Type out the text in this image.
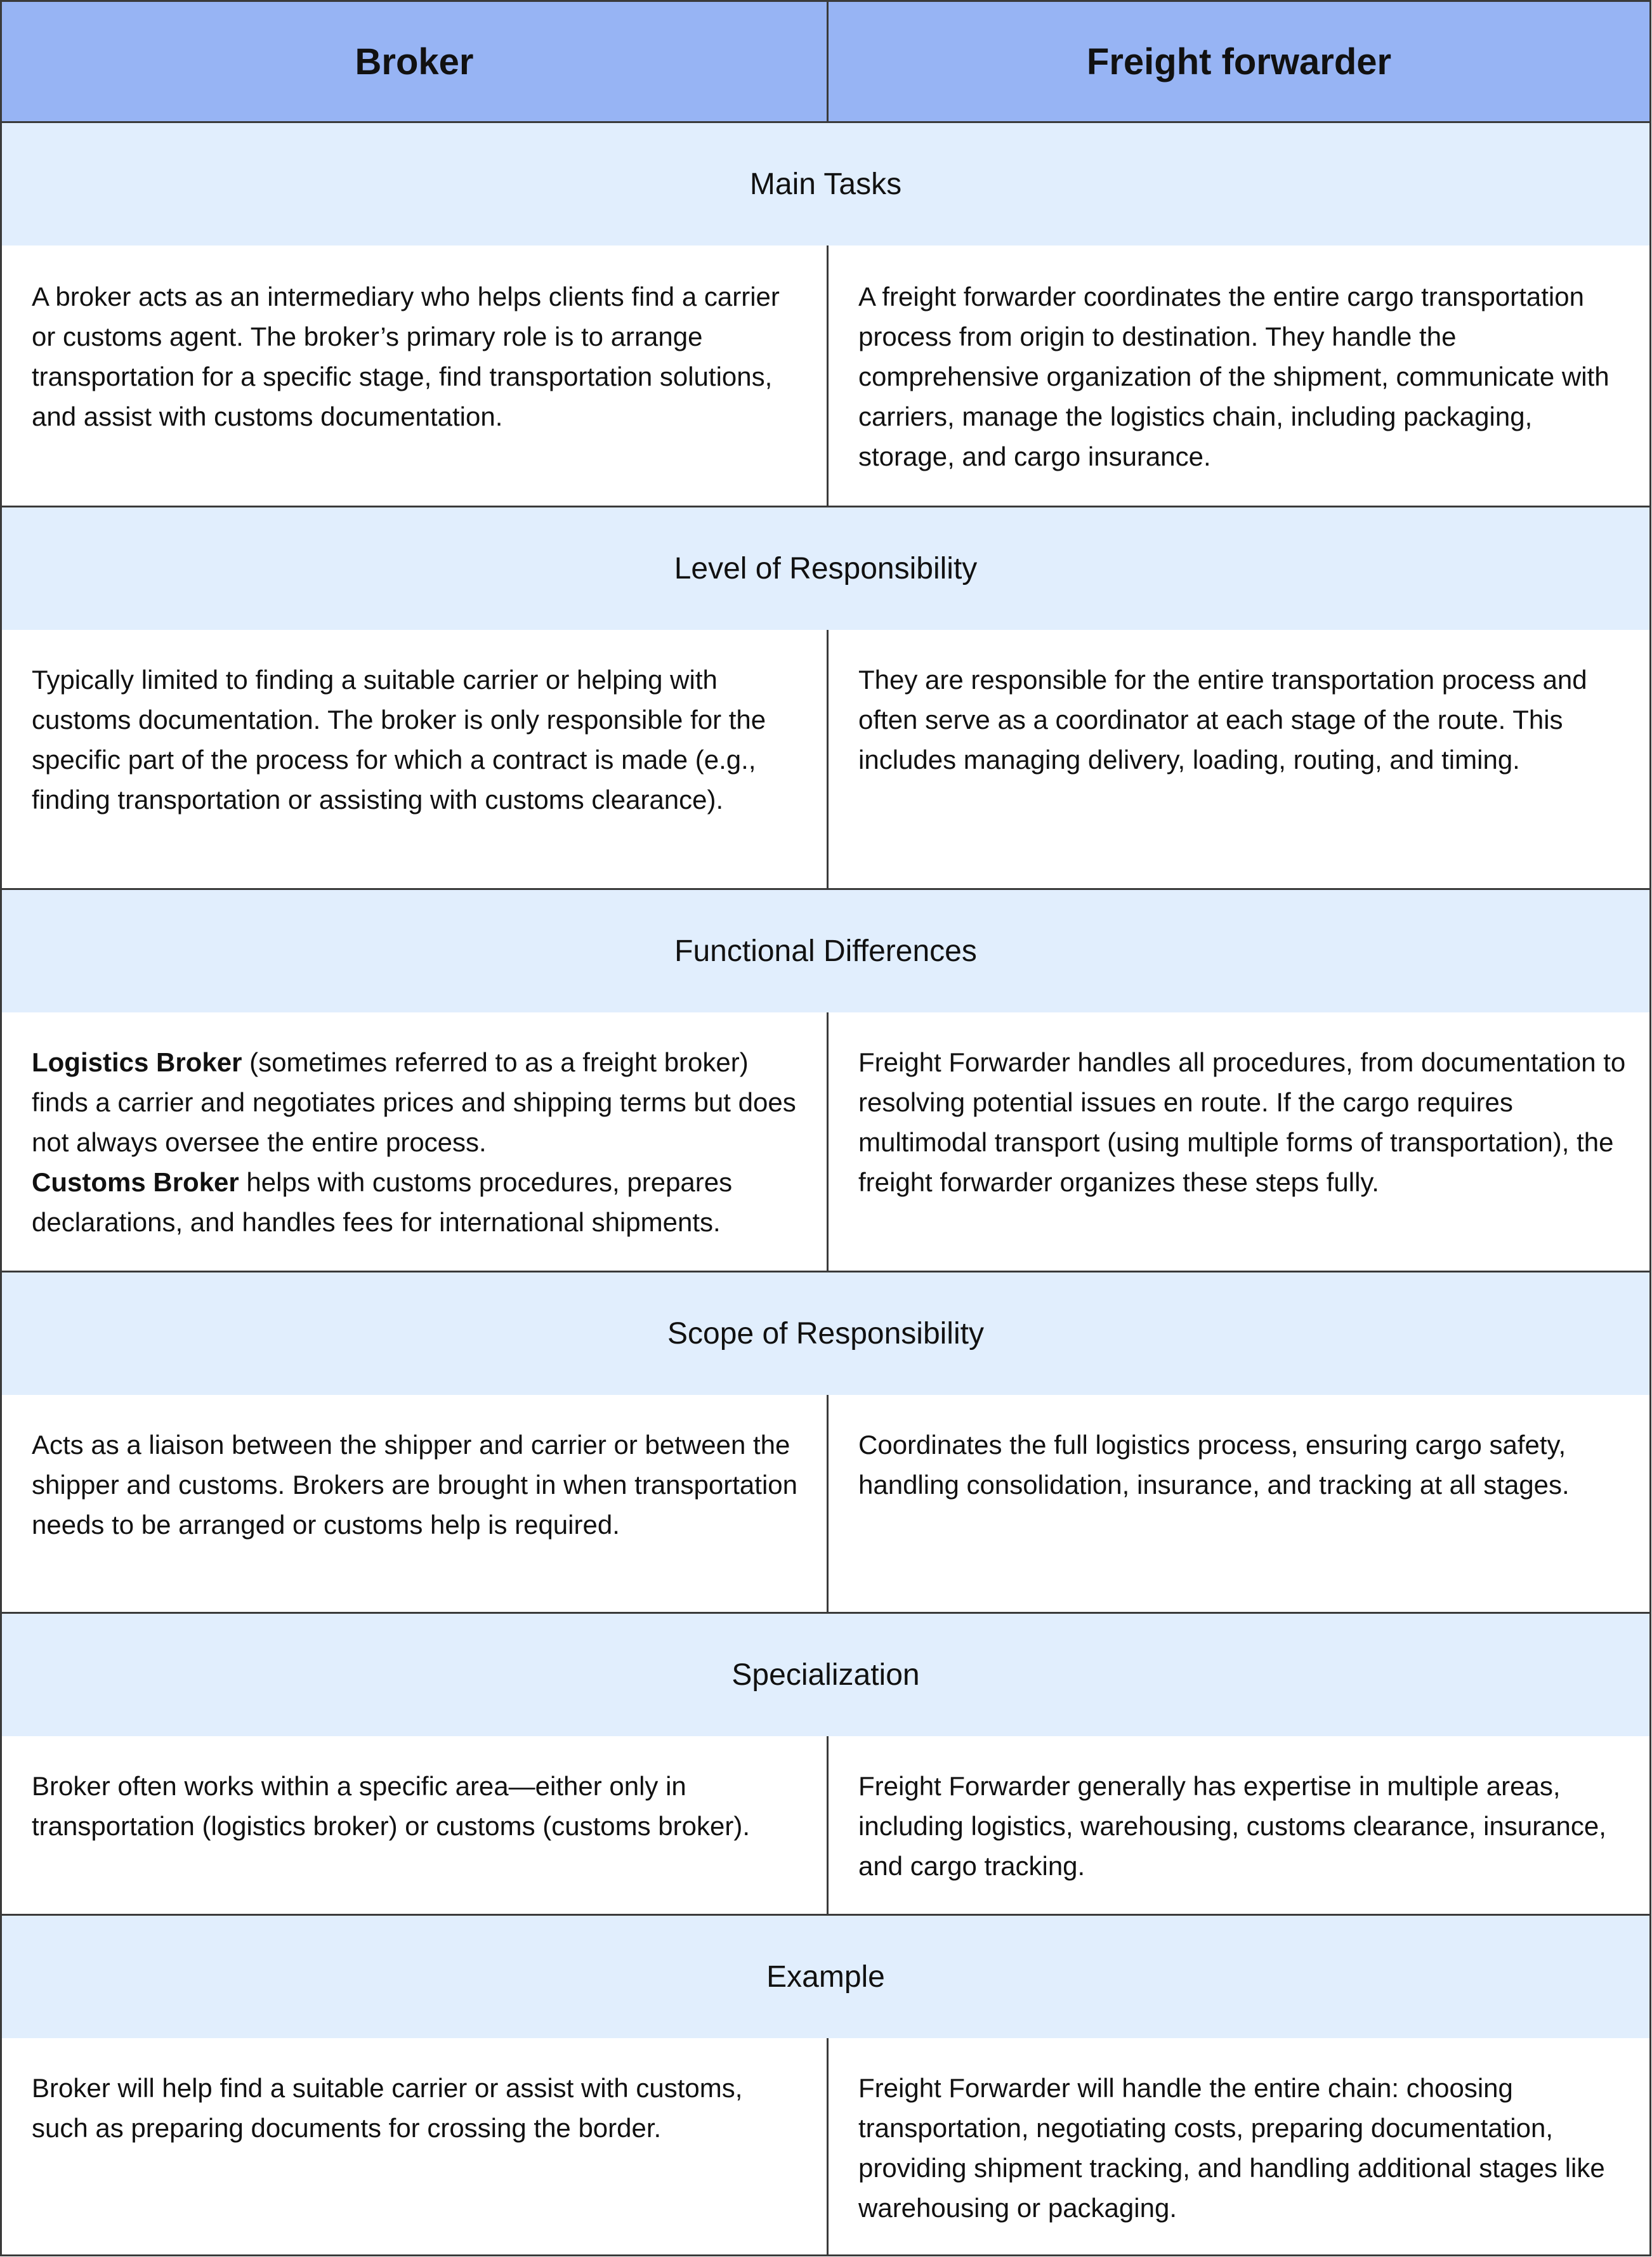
Broker	Freight forwarder
Main Tasks
A broker acts as an intermediary who helps clients find a carrier or customs agent. The broker’s primary role is to arrange transportation for a specific stage, find transportation solutions, and assist with customs documentation.
A freight forwarder coordinates the entire cargo transportation process from origin to destination. They handle the comprehensive organization of the shipment, communicate with carriers, manage the logistics chain, including packaging, storage, and cargo insurance.
Level of Responsibility
Typically limited to finding a suitable carrier or helping with customs documentation. The broker is only responsible for the specific part of the process for which a contract is made (e.g., finding transportation or assisting with customs clearance).
They are responsible for the entire transportation process and often serve as a coordinator at each stage of the route. This includes managing delivery, loading, routing, and timing.
Functional Differences
Logistics Broker (sometimes referred to as a freight broker) finds a carrier and negotiates prices and shipping terms but does not always oversee the entire process.
Customs Broker helps with customs procedures, prepares declarations, and handles fees for international shipments.
Freight Forwarder handles all procedures, from documentation to resolving potential issues en route. If the cargo requires multimodal transport (using multiple forms of transportation), the freight forwarder organizes these steps fully.
Scope of Responsibility
Acts as a liaison between the shipper and carrier or between the shipper and customs. Brokers are brought in when transportation needs to be arranged or customs help is required.
Coordinates the full logistics process, ensuring cargo safety, handling consolidation, insurance, and tracking at all stages.
Specialization
Broker often works within a specific area—either only in transportation (logistics broker) or customs (customs broker).
Freight Forwarder generally has expertise in multiple areas, including logistics, warehousing, customs clearance, insurance, and cargo tracking.
Example
Broker will help find a suitable carrier or assist with customs, such as preparing documents for crossing the border.
Freight Forwarder will handle the entire chain: choosing transportation, negotiating costs, preparing documentation, providing shipment tracking, and handling additional stages like warehousing or packaging.
